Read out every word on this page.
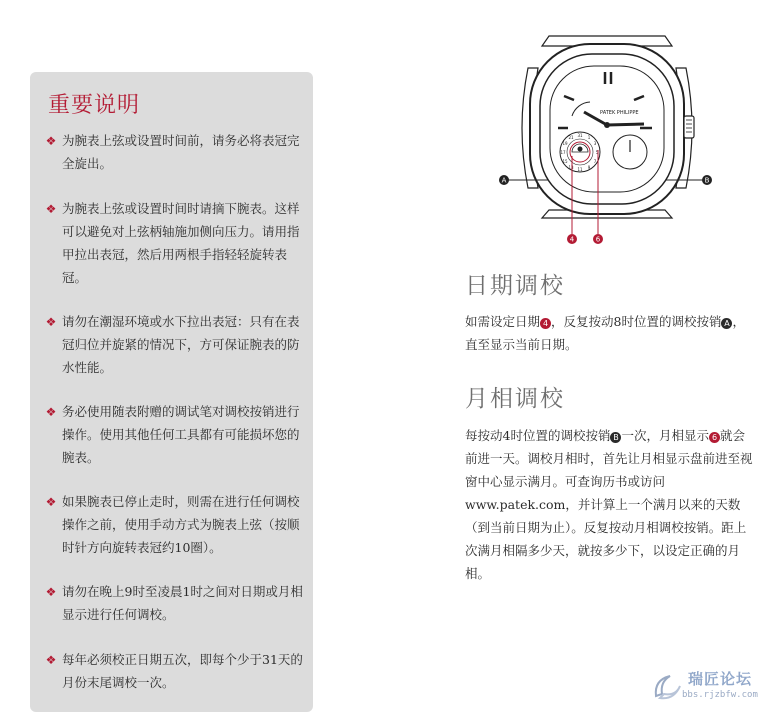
重要说明
❖ 为腕表上弦或设置时间前，请务必将表冠完全旋出。
❖ 为腕表上弦或设置时间时请摘下腕表。这样可以避免对上弦柄轴施加侧向压力。请用指甲拉出表冠，然后用两根手指轻轻旋转表冠。
❖ 请勿在潮湿环境或水下拉出表冠：只有在表冠归位并旋紧的情况下，方可保证腕表的防水性能。
❖ 务必使用随表附赠的调试笔对调校按销进行操作。使用其他任何工具都有可能损坏您的腕表。
❖ 如果腕表已停止走时，则需在进行任何调校操作之前，使用手动方式为腕表上弦（按顺时针方向旋转表冠约10圈）。
❖ 请勿在晚上9时至凌晨1时之间对日期或月相显示进行任何调校。
❖ 每年必须校正日期五次，即每个少于31天的月份末尾调校一次。
PATEK PHILIPPE
31 1
3
5
7
9
11
13
15
17
19
21
A	B
4	6
日期调校

如需设定日期 4 ，反复按动8时位置的调校按销 A ，直至显示当前日期。

月相调校

每按动4时位置的调校按销 B 一次，月相显示 6 就会前进一天。调校月相时，首先让月相显示盘前进至视窗中心显示满月。可查询历书或访问www.patek.com，并计算上一个满月以来的天数（到当前日期为止）。反复按动月相调校按销。距上次满月相隔多少天，就按多少下，以设定正确的月相。

瑞匠论坛
bbs.rjzbfw.com
